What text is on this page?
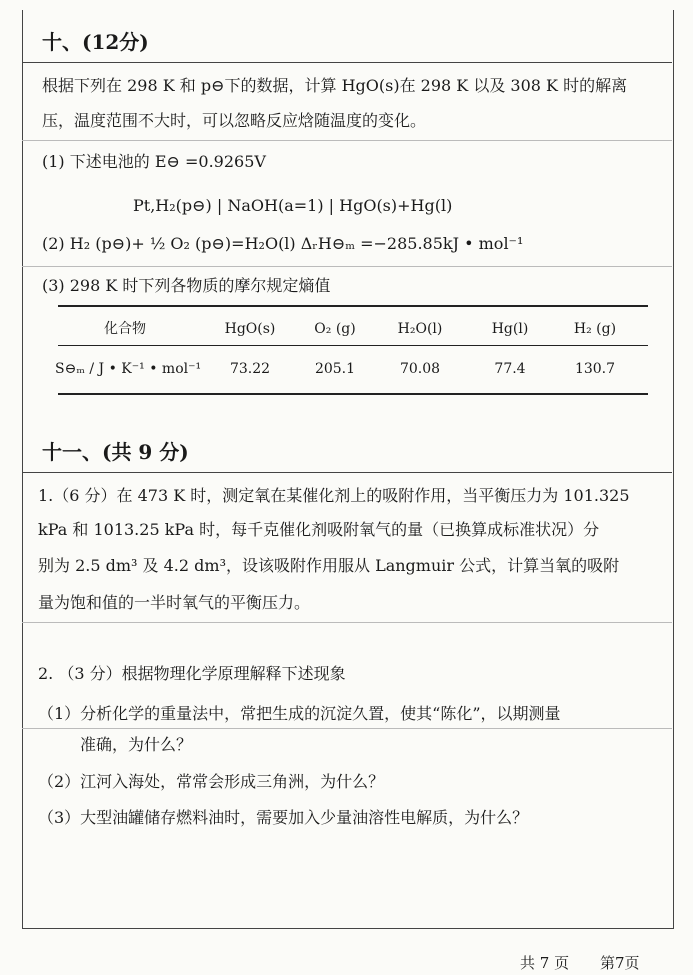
十、(12分)
根据下列在 298 K 和 p⊖下的数据，计算 HgO(s)在 298 K 以及 308 K 时的解离
压，温度范围不大时，可以忽略反应焓随温度的变化。
(1) 下述电池的 E⊖ =0.9265V
Pt,H₂(p⊖) | NaOH(a=1) | HgO(s)+Hg(l)
(2) H₂ (p⊖)+ ½ O₂ (p⊖)=H₂O(l) ΔᵣH⊖ₘ =−285.85kJ • mol⁻¹
(3) 298 K 时下列各物质的摩尔规定熵值
化合物	HgO(s)	O₂ (g)	H₂O(l)	Hg(l)	H₂ (g)
S⊖ₘ / J • K⁻¹ • mol⁻¹	73.22	205.1	70.08	77.4	130.7
十一、(共 9 分)
1.（6 分）在 473 K 时，测定氧在某催化剂上的吸附作用，当平衡压力为 101.325
kPa 和 1013.25 kPa 时，每千克催化剂吸附氧气的量（已换算成标准状况）分
别为 2.5 dm³ 及 4.2 dm³，设该吸附作用服从 Langmuir 公式，计算当氧的吸附
量为饱和值的一半时氧气的平衡压力。
2. （3 分）根据物理化学原理解释下述现象
（1）分析化学的重量法中，常把生成的沉淀久置，使其“陈化”，以期测量
准确，为什么？
（2）江河入海处，常常会形成三角洲，为什么？
（3）大型油罐储存燃料油时，需要加入少量油溶性电解质，为什么？
共 7 页 第7页
